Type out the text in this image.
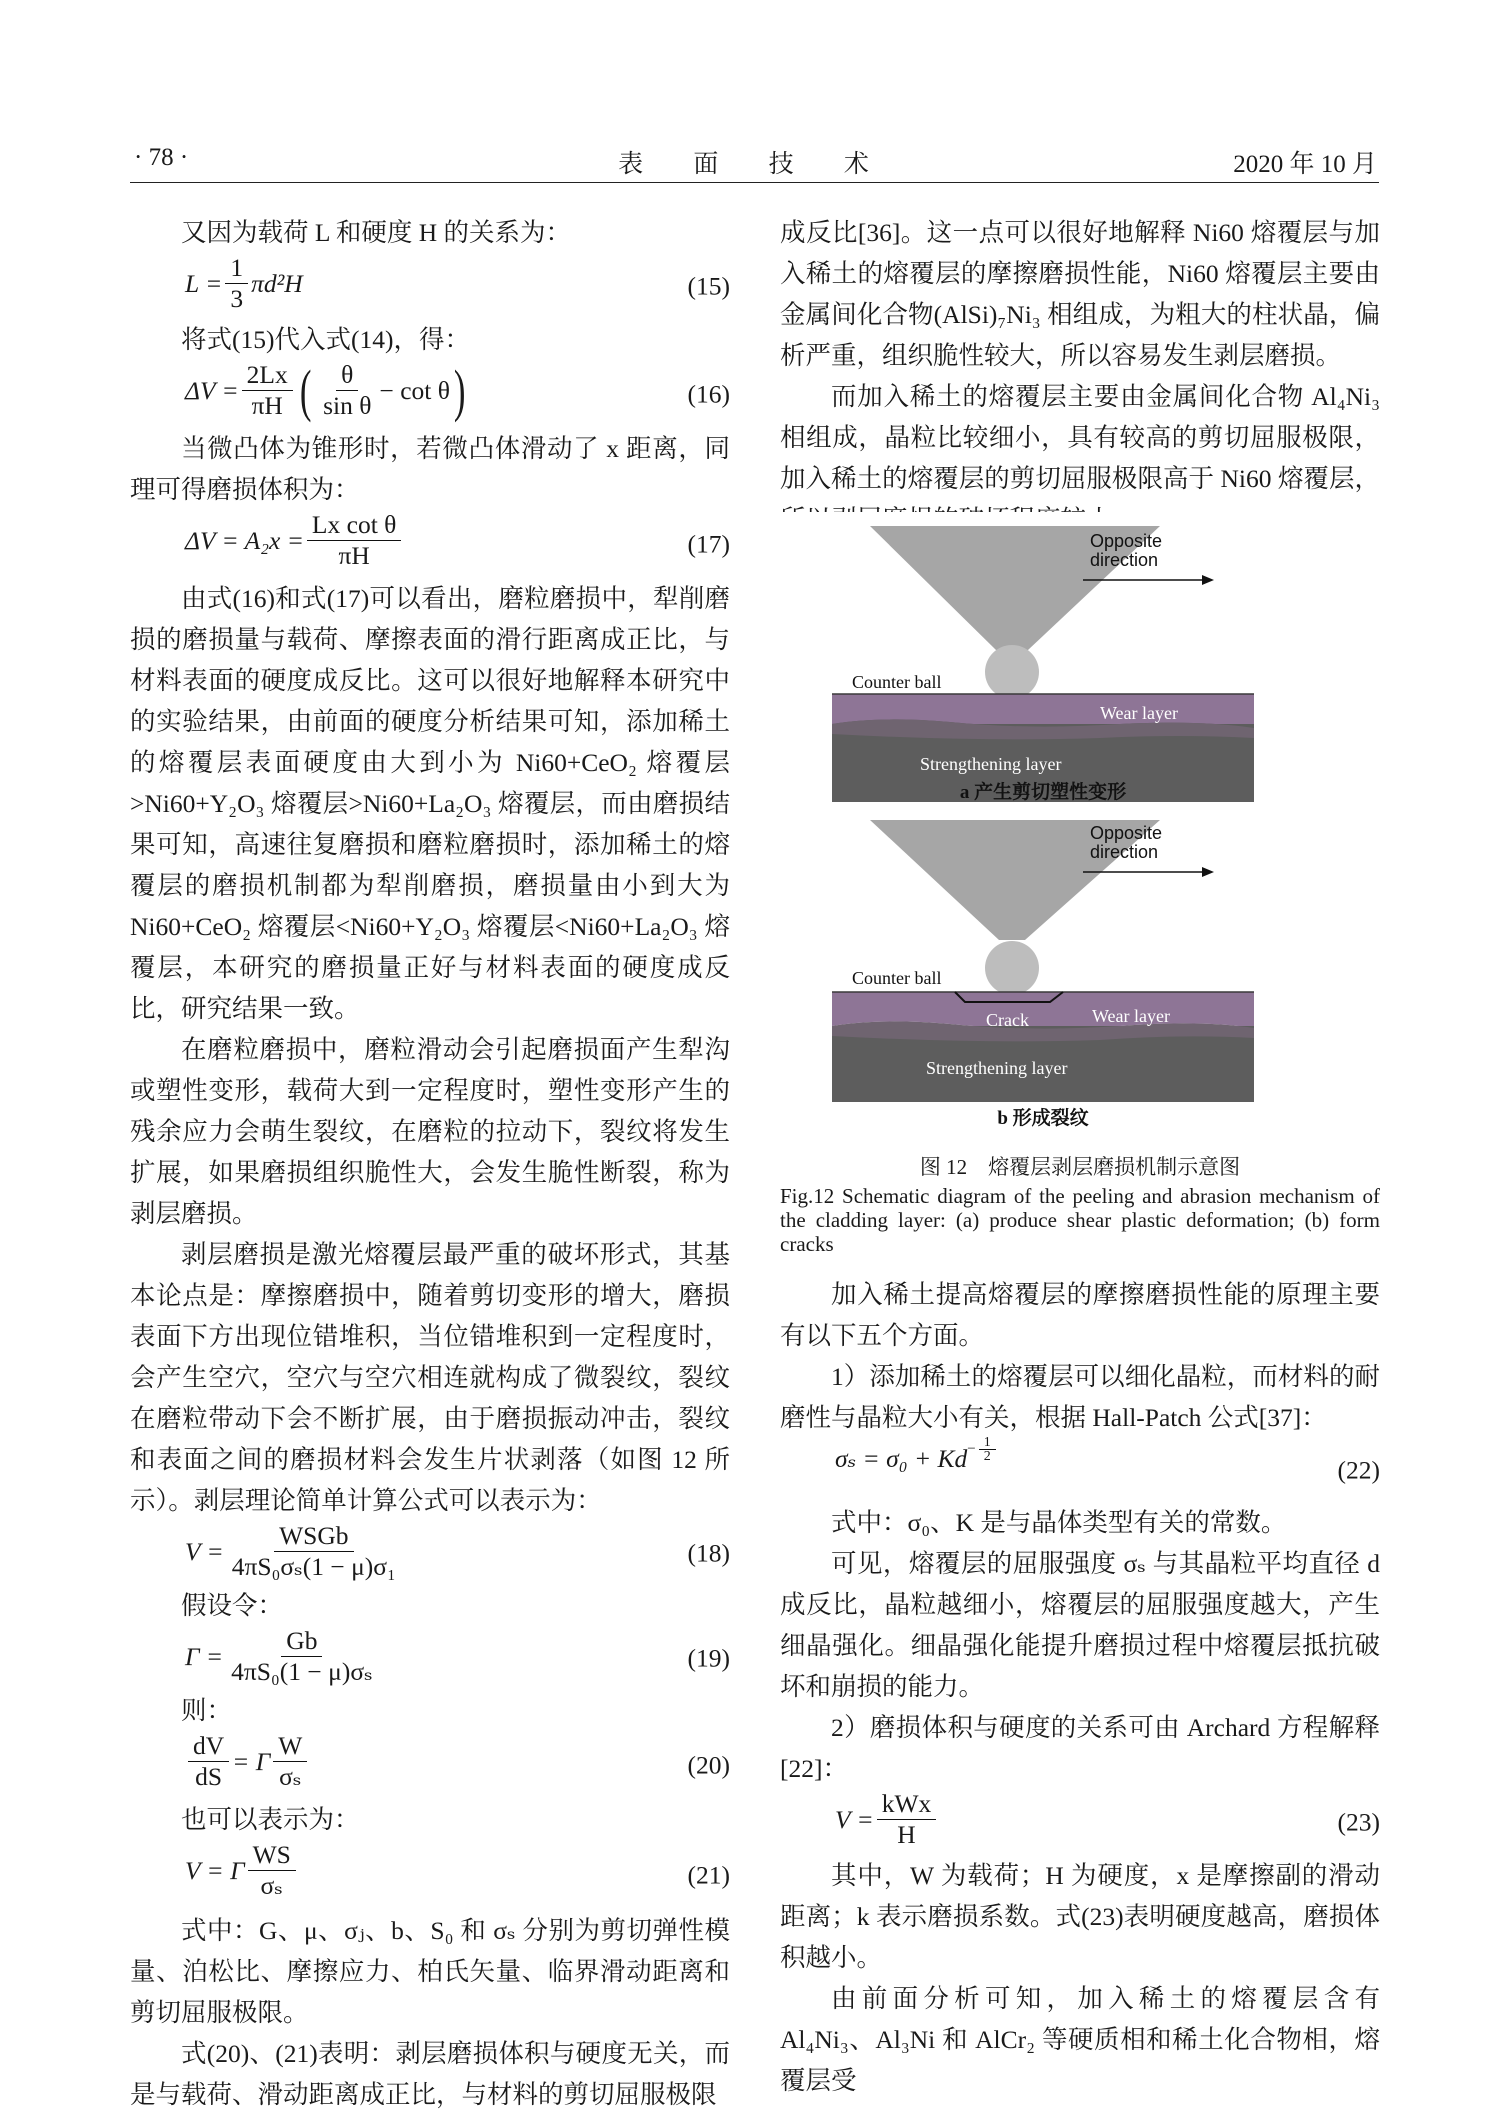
· 78 ·	表 面 技 术	2020 年 10 月

又因为载荷 L 和硬度 H 的关系为：

$L = \frac{1}{3} \pi d^2H$	(15)

将式(15)代入式(14)，得：

$\Delta V = \frac{2Lx}{\pi H}$ ( $\frac{\theta}{\text{sin θ}} - \cot \theta$ )	(16)

当微凸体为锥形时，若微凸体滑动了 x 距离，同理可得磨损体积为：

$\Delta V = A_2x = \frac{\text{Lx cot θ}}{\pi H}$	(17)

由式(16)和式(17)可以看出，磨粒磨损中，犁削磨损的磨损量与载荷、摩擦表面的滑行距离成正比，与材料表面的硬度成反比。这可以很好地解释本研究中的实验结果，由前面的硬度分析结果可知，添加稀土的熔覆层表面硬度由大到小为 Ni60+CeO₂ 熔覆层>Ni60+Y₂O₃ 熔覆层>Ni60+La₂O₃ 熔覆层，而由磨损结果可知，高速往复磨损和磨粒磨损时，添加稀土的熔覆层的磨损机制都为犁削磨损，磨损量由小到大为 Ni60+CeO₂ 熔覆层<Ni60+Y₂O₃ 熔覆层<Ni60+La₂O₃ 熔覆层，本研究的磨损量正好与材料表面的硬度成反比，研究结果一致。

在磨粒磨损中，磨粒滑动会引起磨损面产生犁沟或塑性变形，载荷大到一定程度时，塑性变形产生的残余应力会萌生裂纹，在磨粒的拉动下，裂纹将发生扩展，如果磨损组织脆性大，会发生脆性断裂，称为剥层磨损。

剥层磨损是激光熔覆层最严重的破坏形式，其基本论点是：摩擦磨损中，随着剪切变形的增大，磨损表面下方出现位错堆积，当位错堆积到一定程度时，会产生空穴，空穴与空穴相连就构成了微裂纹，裂纹在磨粒带动下会不断扩展，由于磨损振动冲击，裂纹和表面之间的磨损材料会发生片状剥落（如图 12 所示）。剥层理论简单计算公式可以表示为：

$V = \frac{\text{WSGb}}{\text{4πS₀σₛ(1 − μ)σ₁}}$	(18)

假设令：

$\Gamma = \frac{Gb}{\text{4πS₀(1 − μ)σₛ}}$	(19)

则：

$\frac{dV}{dS} = \Gamma \frac{W}{\text{σₛ}}$	(20)

也可以表示为：

V = Γ $\frac{WS}{\text{σₛ}}$	(21)

式中：G、μ、σⱼ、b、S₀ 和 σₛ 分别为剪切弹性模量、泊松比、摩擦应力、柏氏矢量、临界滑动距离和剪切屈服极限。

式(20)、(21)表明：剥层磨损体积与硬度无关，而是与载荷、滑动距离成正比，与材料的剪切屈服极限

成反比[36]。这一点可以很好地解释 Ni60 熔覆层与加入稀土的熔覆层的摩擦磨损性能，Ni60 熔覆层主要由金属间化合物(AlSi)₇Ni₃ 相组成，为粗大的柱状晶，偏析严重，组织脆性较大，所以容易发生剥层磨损。

而加入稀土的熔覆层主要由金属间化合物 Al₄Ni₃ 相组成，晶粒比较细小，具有较高的剪切屈服极限，加入稀土的熔覆层的剪切屈服极限高于 Ni60 熔覆层，

Opposite
direction
Counter ball
Wear layer
Strengthening layer
a 产生剪切塑性变形
Opposite
direction
Counter ball
Crack	Wear layer
Strengthening layer
b 形成裂纹
图 12　熔覆层剥层磨损机制示意图
Fig.12 Schematic diagram of the peeling and abrasion mechanism of the cladding layer: (a) produce shear plastic deformation; (b) form cracks

加入稀土提高熔覆层的摩擦磨损性能的原理主要有以下五个方面。

1）添加稀土的熔覆层可以细化晶粒，而材料的耐磨性与晶粒大小有关，根据 Hall-Patch 公式[37]：

$\sigma_s = \sigma_0 + Kd - \frac{1}{2}$
(22)

式中：σ₀、K 是与晶体类型有关的常数。

可见，熔覆层的屈服强度 σₛ 与其晶粒平均直径 d 成反比，晶粒越细小，熔覆层的屈服强度越大，产生细晶强化。细晶强化能提升磨损过程中熔覆层抵抗破坏和崩损的能力。

2）磨损体积与硬度的关系可由 Archard 方程解释[22]：

$V = \frac{\text{kWx}}{H}$	(23)

其中，W 为载荷；H 为硬度，x 是摩擦副的滑动距离；k 表示磨损系数。式(23)表明硬度越高，磨损体积越小。

由前面分析可知，加入稀土的熔覆层含有 Al₄Ni₃、Al₃Ni 和 AlCr₂ 等硬质相和稀土化合物相，熔覆层受
